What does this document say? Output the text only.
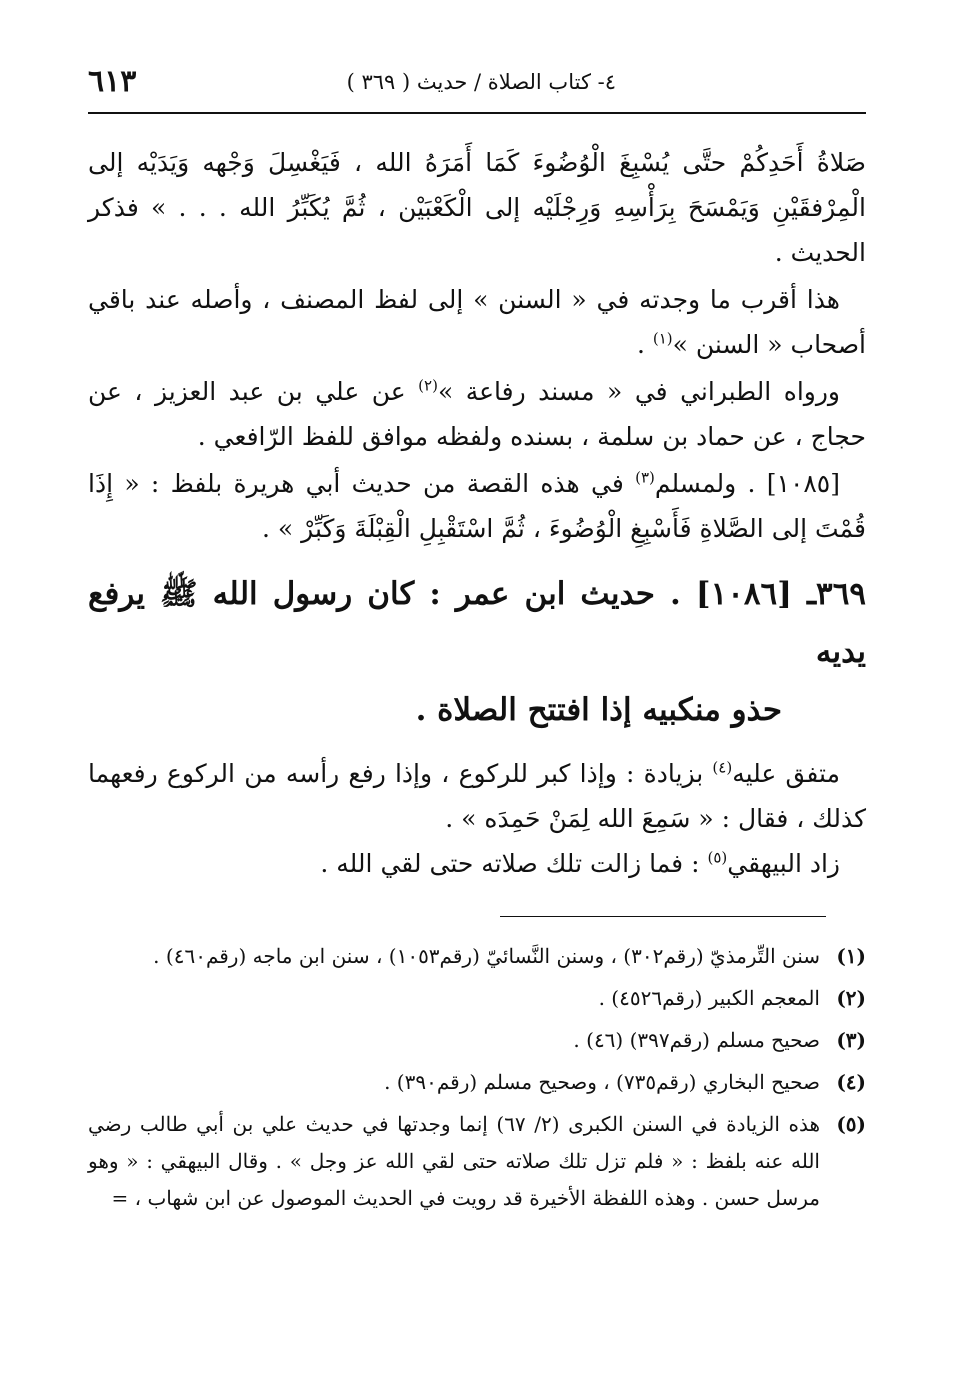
٤- كتاب الصلاة / حديث ( ٣٦٩ )
٦١٣

صَلاةُ أَحَدِكُمْ حتَّى يُسْبِغَ الْوُضُوءَ كَمَا أَمَرَهُ الله ، فَيَغْسِلَ وَجْهه وَيَدَيْه إلى الْمِرْفقَيْنِ وَيَمْسَحَ بِرَأْسِهِ وَرِجْلَيْه إلى الْكَعْبَيْن ، ثُمَّ يُكَبِّرُ الله . . . » فذكر الحديث .

هذا أقرب ما وجدته في « السنن » إلى لفظ المصنف ، وأصله عند باقي أصحاب « السنن »$^{(١)}$ .

ورواه الطبراني في « مسند رفاعة »$^{(٢)}$ عن علي بن عبد العزيز ، عن حجاج ، عن حماد بن سلمة ، بسنده ولفظه موافق للفظ الرّافعي .

[١٠٨٥] . ولمسلم$^{(٣)}$ في هذه القصة من حديث أبي هريرة بلفظ : « إِذَا قُمْتَ إلى الصَّلاةِ فَأَسْبِغِ الْوُضُوءَ ، ثُمَّ اسْتَقْبِلِ الْقِبْلَةَ وَكَبِّرْ » .

٣٦٩ـ [١٠٨٦] . حديث ابن عمر : كان رسول الله ﷺ يرفع يديه
حذو منكبيه إذا افتتح الصلاة .

متفق عليه$^{(٤)}$ بزيادة : وإذا كبر للركوع ، وإذا رفع رأسه من الركوع رفعهما كذلك ، فقال : « سَمِعَ الله لِمَنْ حَمِدَه » .

زاد البيهقي$^{(٥)}$ : فما زالت تلك صلاته حتى لقي الله .

(١)
سنن التِّرمذيّ (رقم٣٠٢) ، وسنن النَّسائيّ (رقم١٠٥٣) ، سنن ابن ماجه (رقم٤٦٠) .
(٢)
المعجم الكبير (رقم٤٥٢٦) .
(٣)
صحيح مسلم (رقم٣٩٧) (٤٦) .
(٤)
صحيح البخاري (رقم٧٣٥) ، وصحيح مسلم (رقم٣٩٠) .
(٥)
هذه الزيادة في السنن الكبرى (٢/ ٦٧) إنما وجدتها في حديث علي بن أبي طالب رضي الله عنه بلفظ : « فلم تزل تلك صلاته حتى لقي الله عز وجل » . وقال البيهقي : « وهو مرسل حسن . وهذه اللفظة الأخيرة قد رويت في الحديث الموصول عن ابن شهاب ، =
